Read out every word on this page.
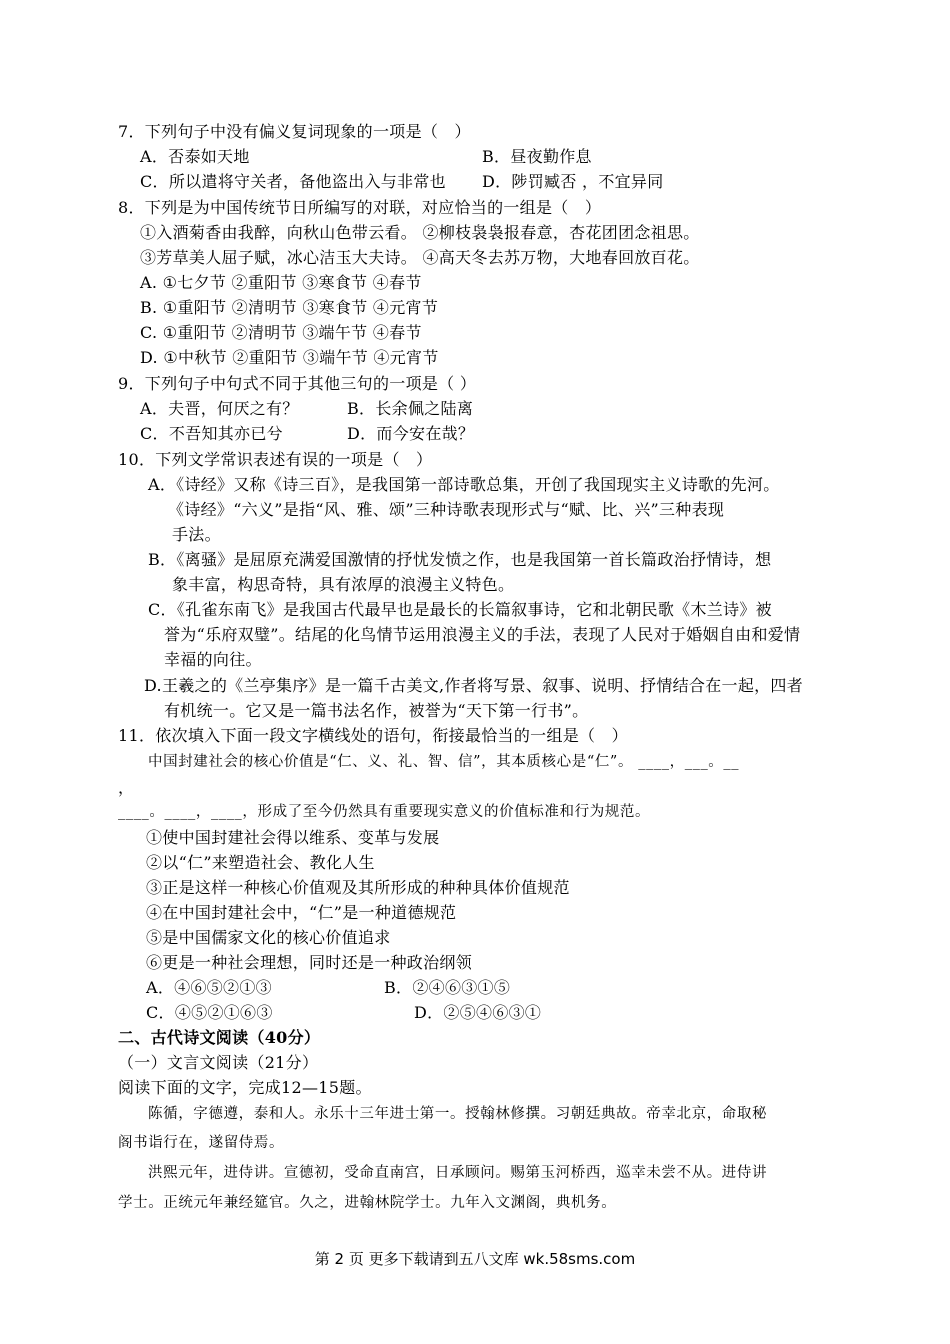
7．下列句子中没有偏义复词现象的一项是（　）
A．否泰如天地	B．昼夜勤作息
C．所以遣将守关者，备他盗出入与非常也 D．陟罚臧否 ，不宜异同
8．下列是为中国传统节日所编写的对联，对应恰当的一组是（　）
①入酒菊香由我醉，向秋山色带云看。 ②柳枝袅袅报春意，杏花团团念祖思。
③芳草美人屈子赋，冰心洁玉大夫诗。 ④高天冬去苏万物，大地春回放百花。
A. ①七夕节 ②重阳节 ③寒食节 ④春节
B. ①重阳节 ②清明节 ③寒食节 ④元宵节
C. ①重阳节 ②清明节 ③端午节 ④春节
D. ①中秋节 ②重阳节 ③端午节 ④元宵节
9．下列句子中句式不同于其他三句的一项是（ ）
A．夫晋，何厌之有？	B．长余佩之陆离
C．不吾知其亦已兮	D．而今安在哉？
10．下列文学常识表述有误的一项是（　）
A．《诗经》又称《诗三百》，是我国第一部诗歌总集，开创了我国现实主义诗歌的先河。
《诗经》“六义”是指“风、雅、颂”三种诗歌表现形式与“赋、比、兴”三种表现
手法。
B．《离骚》是屈原充满爱国激情的抒忧发愤之作，也是我国第一首长篇政治抒情诗，想
象丰富，构思奇特，具有浓厚的浪漫主义特色。
C．《孔雀东南飞》是我国古代最早也是最长的长篇叙事诗，它和北朝民歌《木兰诗》被
誉为“乐府双璧”。结尾的化鸟情节运用浪漫主义的手法，表现了人民对于婚姻自由和爱情
幸福的向往。
D.王羲之的《兰亭集序》是一篇千古美文,作者将写景、叙事、说明、抒情结合在一起，四者
有机统一。它又是一篇书法名作，被誉为“天下第一行书”。
11．依次填入下面一段文字横线处的语句，衔接最恰当的一组是（　）
中国封建社会的核心价值是“仁、义、礼、智、信”，其本质核心是“仁”。 ____，___。__
，
____。____，____，形成了至今仍然具有重要现实意义的价值标准和行为规范。
①使中国封建社会得以维系、变革与发展
②以“仁”来塑造社会、教化人生
③正是这样一种核心价值观及其所形成的种种具体价值规范
④在中国封建社会中，“仁”是一种道德规范
⑤是中国儒家文化的核心价值追求
⑥更是一种社会理想，同时还是一种政治纲领
A．④⑥⑤②①③	B．②④⑥③①⑤
C．④⑤②①⑥③	D．②⑤④⑥③①
二、古代诗文阅读（40分）
（一）文言文阅读（21分）
阅读下面的文字，完成12—15题。
陈循，字德遵，泰和人。永乐十三年进士第一。授翰林修撰。习朝廷典故。帝幸北京，命取秘
阁书诣行在，遂留侍焉。
洪熙元年，进侍讲。宣德初，受命直南宫，日承顾问。赐第玉河桥西，巡幸未尝不从。进侍讲
学士。正统元年兼经筵官。久之，进翰林院学士。九年入文渊阁，典机务。
第 2 页 更多下载请到五八文库 wk.58sms.com
